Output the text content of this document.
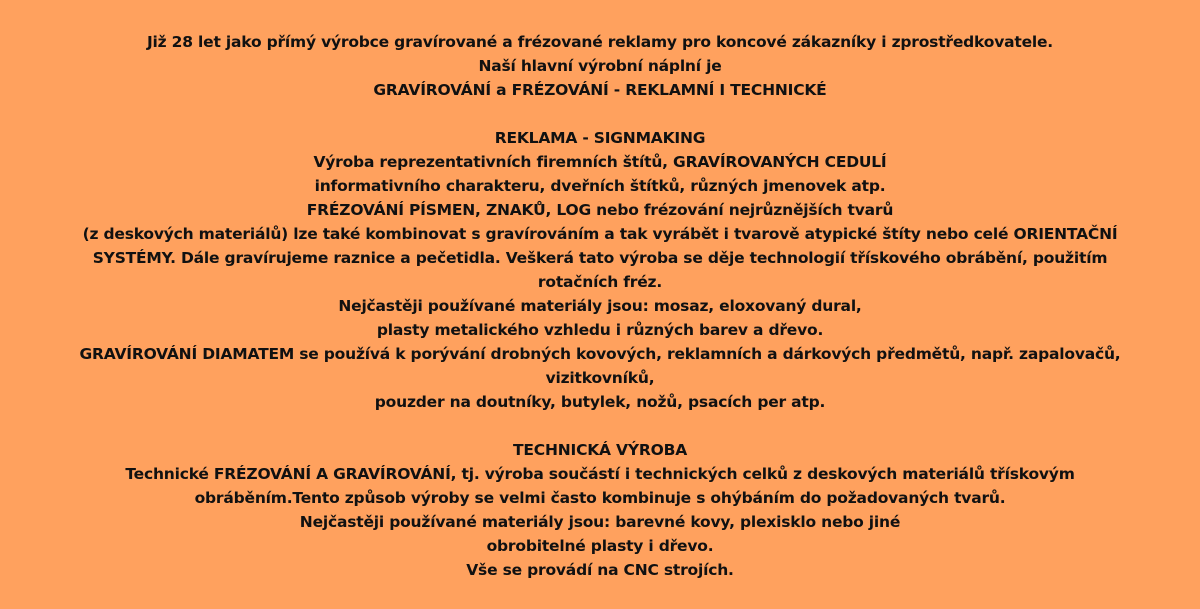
Již 28 let jako přímý výrobce gravírované a frézované reklamy pro koncové zákazníky i zprostředkovatele.
Naší hlavní výrobní náplní je
GRAVÍROVÁNÍ a FRÉZOVÁNÍ - REKLAMNÍ I TECHNICKÉ
REKLAMA - SIGNMAKING
Výroba reprezentativních firemních štítů, GRAVÍROVANÝCH CEDULÍ
informativního charakteru, dveřních štítků, různých jmenovek atp.
FRÉZOVÁNÍ PÍSMEN, ZNAKŮ, LOG nebo frézování nejrůznějších tvarů
(z deskových materiálů) lze také kombinovat s gravírováním a tak vyrábět i tvarově atypické štíty nebo celé ORIENTAČNÍ
SYSTÉMY. Dále gravírujeme raznice a pečetidla. Veškerá tato výroba se děje technologií třískového obrábění, použitím
rotačních fréz.
Nejčastěji používané materiály jsou: mosaz, eloxovaný dural,
plasty metalického vzhledu i různých barev a dřevo.
GRAVÍROVÁNÍ DIAMATEM se používá k porývání drobných kovových, reklamních a dárkových předmětů, např. zapalovačů,
vizitkovníků,
pouzder na doutníky, butylek, nožů, psacích per atp.
TECHNICKÁ VÝROBA
Technické FRÉZOVÁNÍ A GRAVÍROVÁNÍ, tj. výroba součástí i technických celků z deskových materiálů třískovým
obráběním.Tento způsob výroby se velmi často kombinuje s ohýbáním do požadovaných tvarů.
Nejčastěji používané materiály jsou: barevné kovy, plexisklo nebo jiné
obrobitelné plasty i dřevo.
Vše se provádí na CNC strojích.
